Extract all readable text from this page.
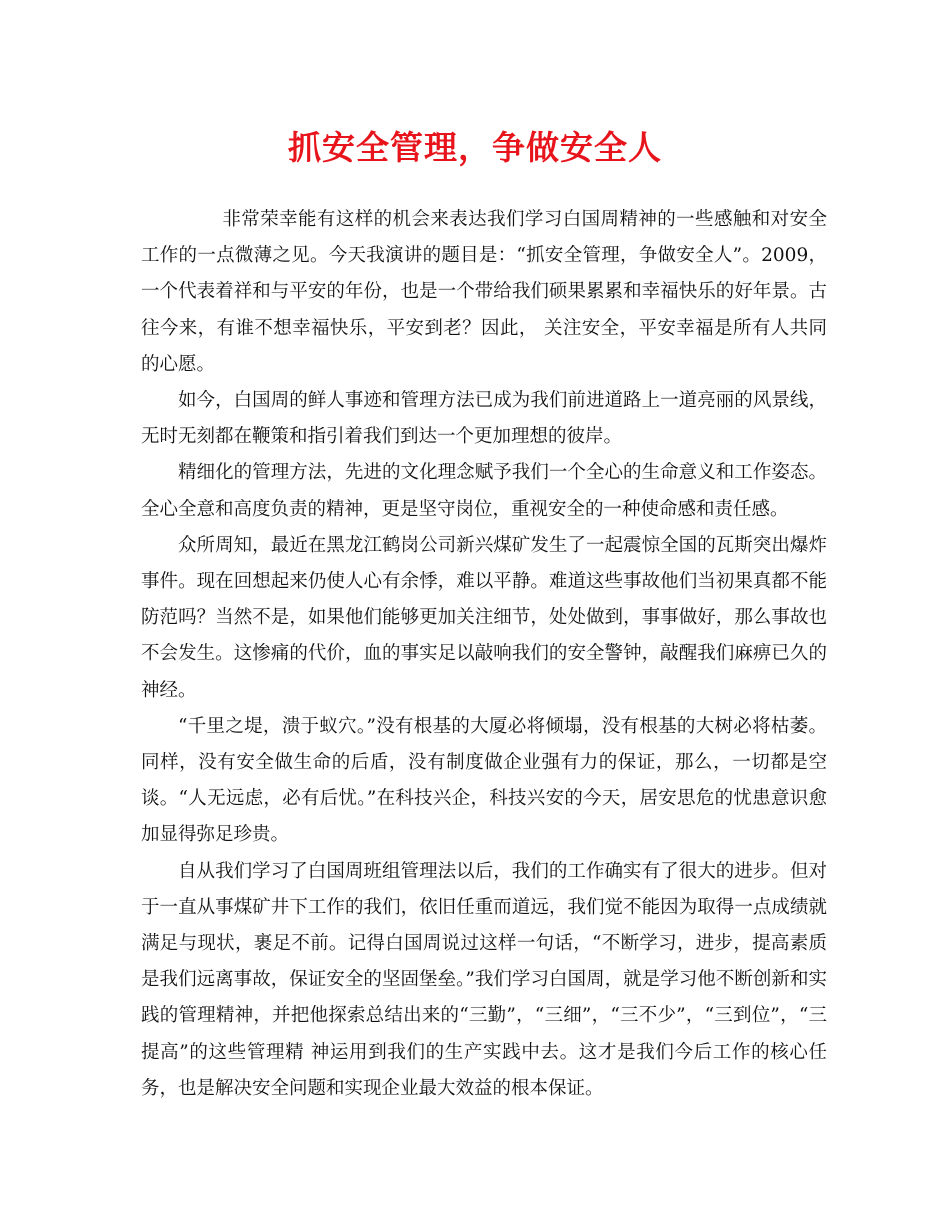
抓安全管理，争做安全人

非常荣幸能有这样的机会来表达我们学习白国周精神的一些感触和对安全工作的一点微薄之见。今天我演讲的题目是：“抓安全管理，争做安全人”。2009，一个代表着祥和与平安的年份，也是一个带给我们硕果累累和幸福快乐的好年景。古往今来，有谁不想幸福快乐，平安到老？因此， 关注安全，平安幸福是所有人共同的心愿。

如今，白国周的鲜人事迹和管理方法已成为我们前进道路上一道亮丽的风景线，无时无刻都在鞭策和指引着我们到达一个更加理想的彼岸。

精细化的管理方法，先进的文化理念赋予我们一个全心的生命意义和工作姿态。全心全意和高度负责的精神，更是坚守岗位，重视安全的一种使命感和责任感。

众所周知，最近在黑龙江鹤岗公司新兴煤矿发生了一起震惊全国的瓦斯突出爆炸事件。现在回想起来仍使人心有余悸，难以平静。难道这些事故他们当初果真都不能防范吗？当然不是，如果他们能够更加关注细节，处处做到，事事做好，那么事故也不会发生。这惨痛的代价，血的事实足以敲响我们的安全警钟，敲醒我们麻痹已久的神经。

“千里之堤，溃于蚁穴。”没有根基的大厦必将倾塌，没有根基的大树必将枯萎。同样，没有安全做生命的后盾，没有制度做企业强有力的保证，那么，一切都是空谈。“人无远虑，必有后忧。”在科技兴企，科技兴安的今天，居安思危的忧患意识愈加显得弥足珍贵。

自从我们学习了白国周班组管理法以后，我们的工作确实有了很大的进步。但对于一直从事煤矿井下工作的我们，依旧任重而道远，我们觉不能因为取得一点成绩就满足与现状，裹足不前。记得白国周说过这样一句话，“不断学习，进步，提高素质是我们远离事故，保证安全的坚固堡垒。”我们学习白国周，就是学习他不断创新和实践的管理精神，并把他探索总结出来的“三勤”，“三细”，“三不少”，“三到位”，“三提高”的这些管理精 神运用到我们的生产实践中去。这才是我们今后工作的核心任务，也是解决安全问题和实现企业最大效益的根本保证。
